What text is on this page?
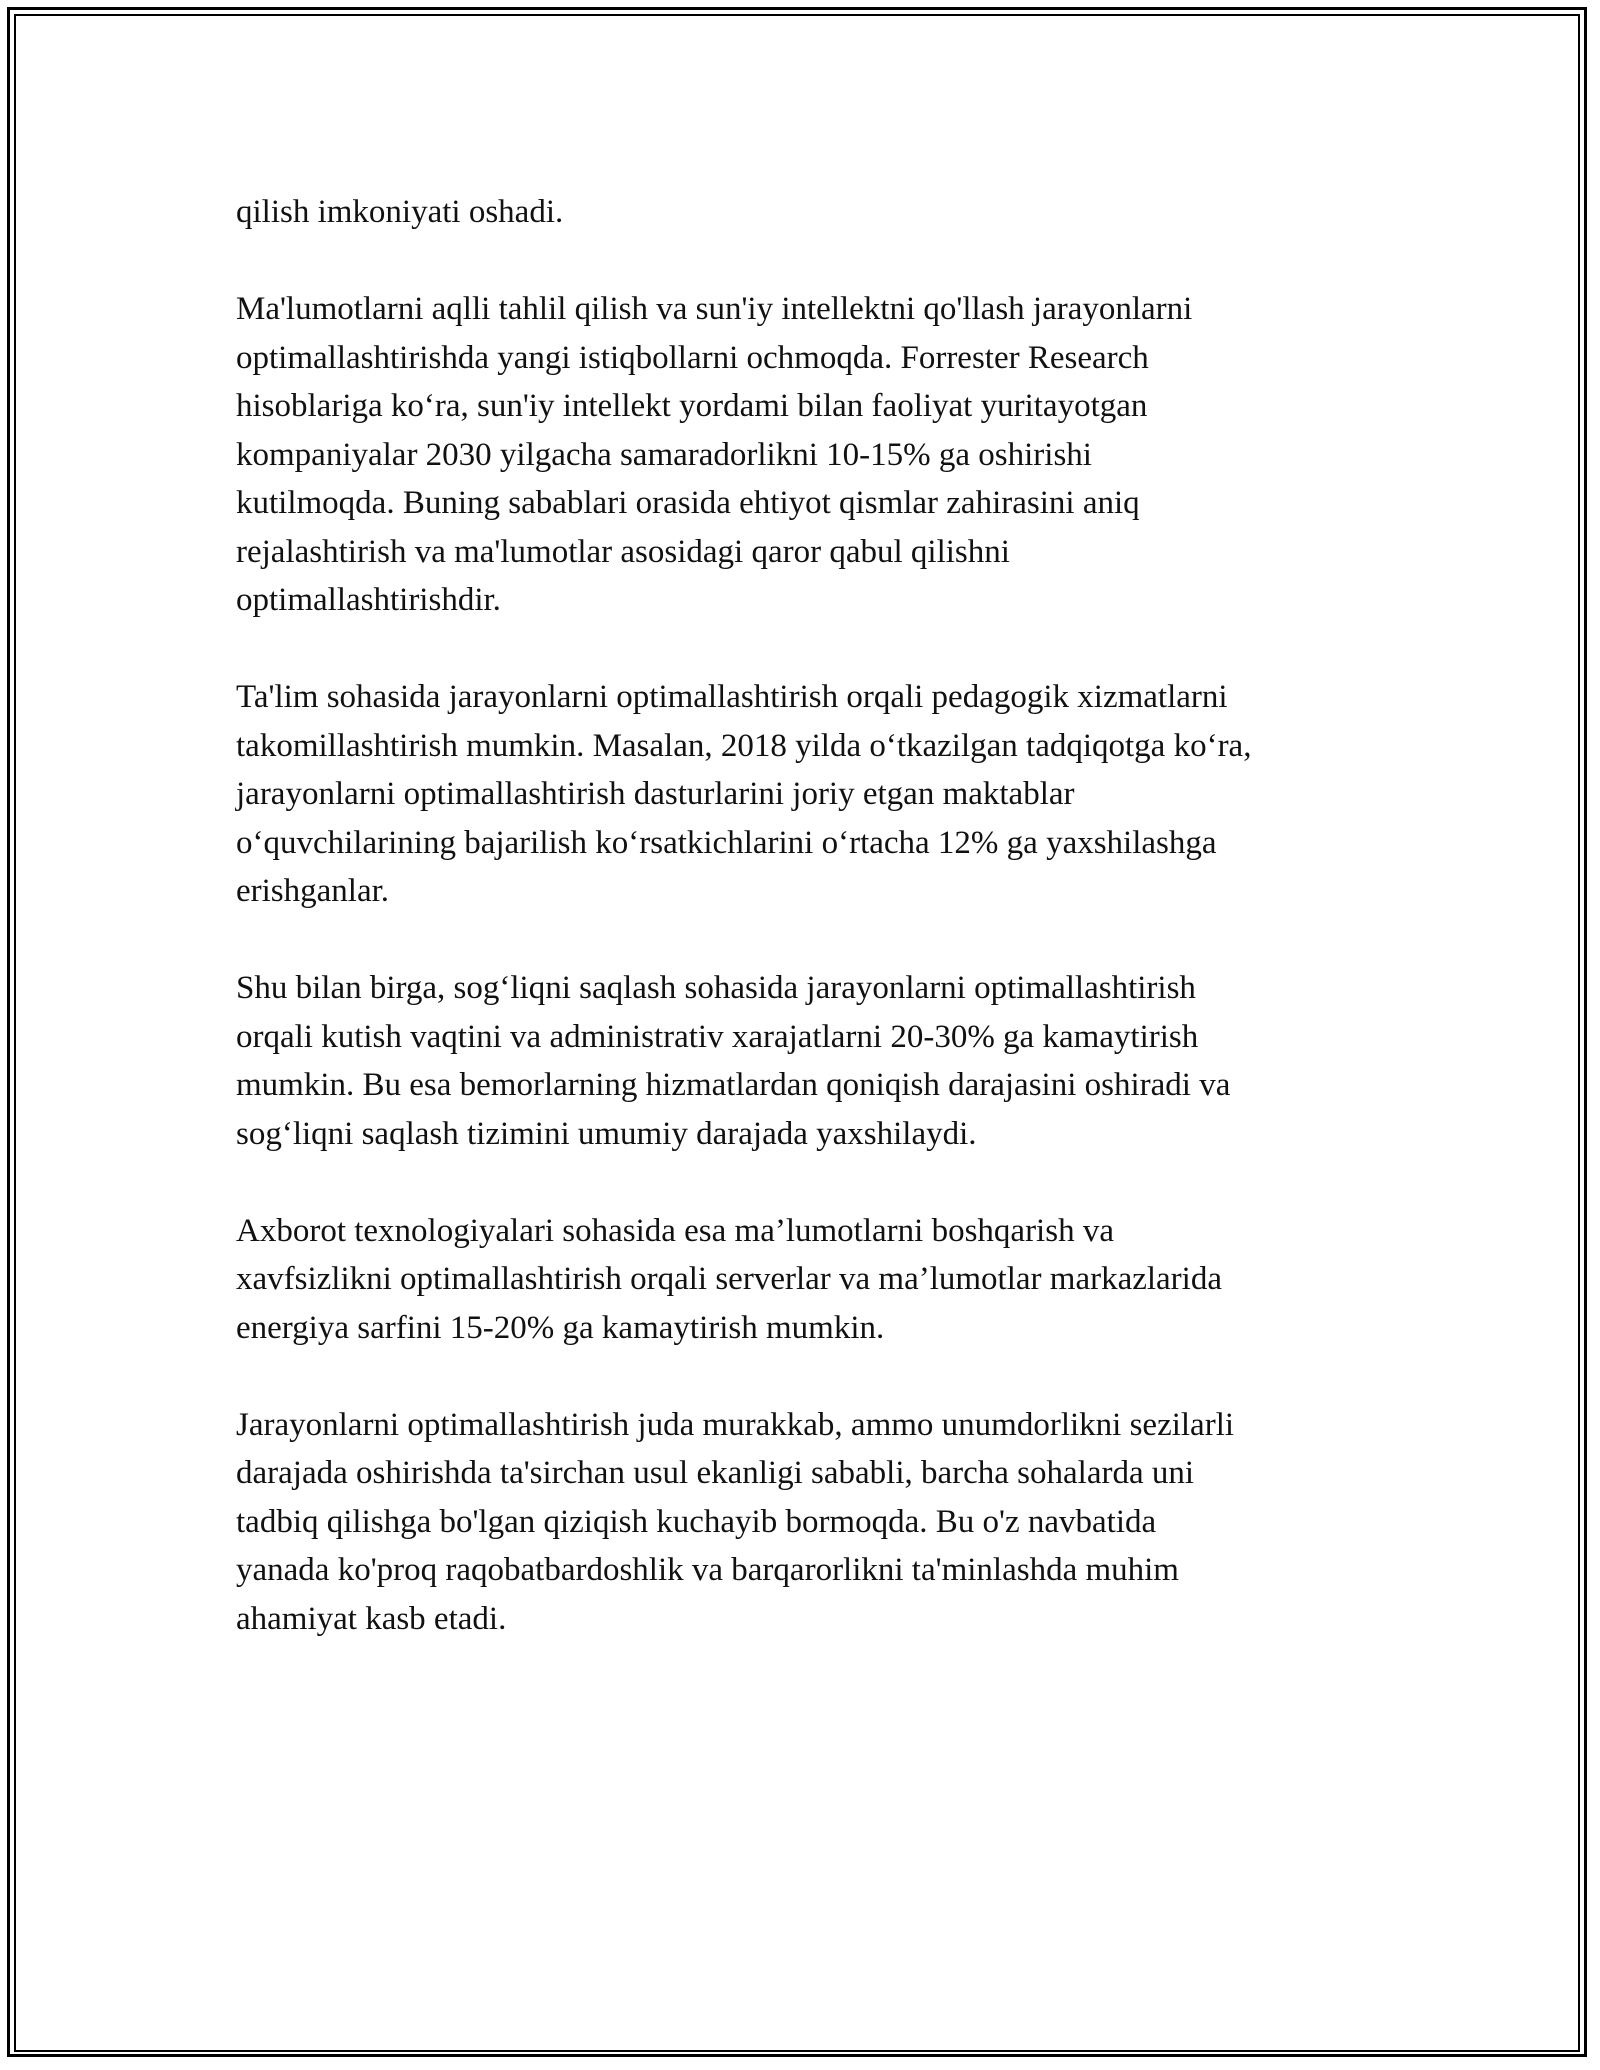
qilish imkoniyati oshadi.

Ma'lumotlarni aqlli tahlil qilish va sun'iy intellektni qo'llash jarayonlarni
optimallashtirishda yangi istiqbollarni ochmoqda. Forrester Research
hisoblariga ko‘ra, sun'iy intellekt yordami bilan faoliyat yuritayotgan
kompaniyalar 2030 yilgacha samaradorlikni 10-15% ga oshirishi
kutilmoqda. Buning sabablari orasida ehtiyot qismlar zahirasini aniq
rejalashtirish va ma'lumotlar asosidagi qaror qabul qilishni
optimallashtirishdir.

Ta'lim sohasida jarayonlarni optimallashtirish orqali pedagogik xizmatlarni
takomillashtirish mumkin. Masalan, 2018 yilda o‘tkazilgan tadqiqotga ko‘ra,
jarayonlarni optimallashtirish dasturlarini joriy etgan maktablar
o‘quvchilarining bajarilish ko‘rsatkichlarini o‘rtacha 12% ga yaxshilashga
erishganlar.

Shu bilan birga, sog‘liqni saqlash sohasida jarayonlarni optimallashtirish
orqali kutish vaqtini va administrativ xarajatlarni 20-30% ga kamaytirish
mumkin. Bu esa bemorlarning hizmatlardan qoniqish darajasini oshiradi va
sog‘liqni saqlash tizimini umumiy darajada yaxshilaydi.

Axborot texnologiyalari sohasida esa ma’lumotlarni boshqarish va
xavfsizlikni optimallashtirish orqali serverlar va ma’lumotlar markazlarida
energiya sarfini 15-20% ga kamaytirish mumkin.

Jarayonlarni optimallashtirish juda murakkab, ammo unumdorlikni sezilarli
darajada oshirishda ta'sirchan usul ekanligi sababli, barcha sohalarda uni
tadbiq qilishga bo'lgan qiziqish kuchayib bormoqda. Bu o'z navbatida
yanada ko'proq raqobatbardoshlik va barqarorlikni ta'minlashda muhim
ahamiyat kasb etadi.
